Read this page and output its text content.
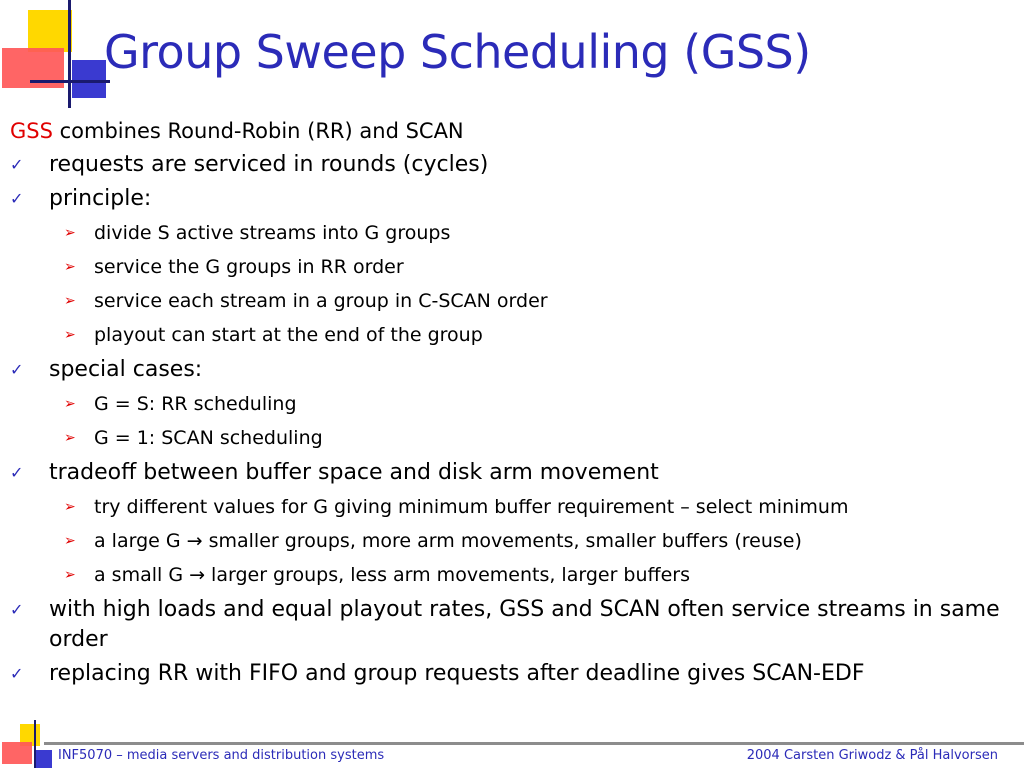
Group Sweep Scheduling (GSS)
GSS combines Round-Robin (RR) and SCAN
✓ requests are serviced in rounds (cycles)
✓ principle:
➢ divide S active streams into G groups
➢ service the G groups in RR order
➢ service each stream in a group in C-SCAN order
➢ playout can start at the end of the group
✓ special cases:
➢ G = S: RR scheduling
➢ G = 1: SCAN scheduling
✓ tradeoff between buffer space and disk arm movement
➢ try different values for G giving minimum buffer requirement – select minimum
➢ a large G → smaller groups, more arm movements, smaller buffers (reuse)
➢ a small G → larger groups, less arm movements, larger buffers
✓ with high loads and equal playout rates, GSS and SCAN often service streams in same order
✓ replacing RR with FIFO and group requests after deadline gives SCAN-EDF
INF5070 – media servers and distribution systems	2004 Carsten Griwodz & Pål Halvorsen
